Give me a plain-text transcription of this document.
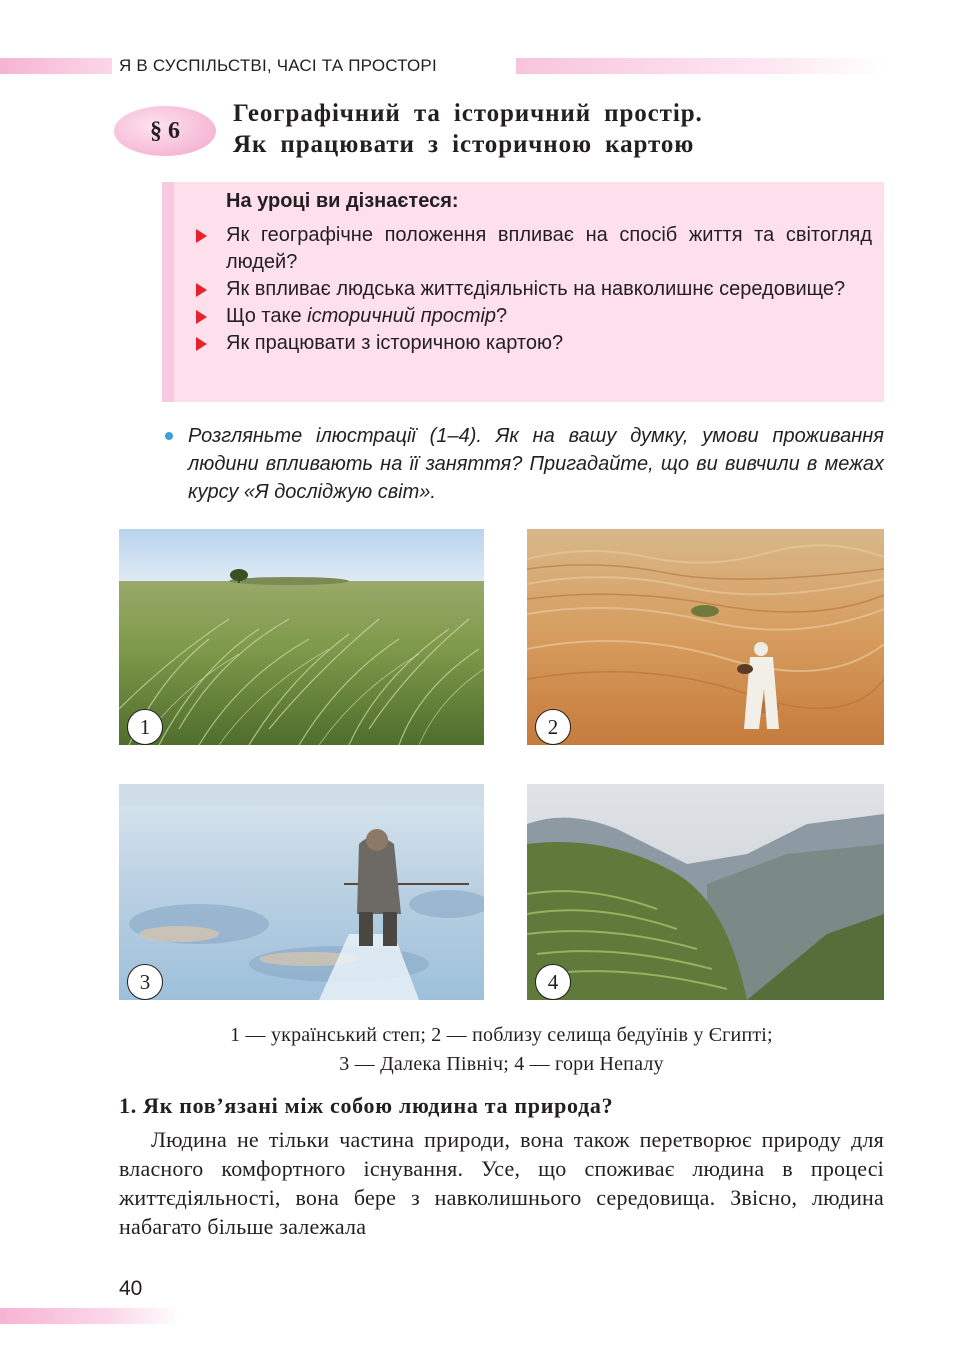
Я В СУСПІЛЬСТВІ, ЧАСІ ТА ПРОСТОРІ
§ 6
Географічний та історичний простір.
Як працювати з історичною картою
На уроці ви дізнаєтеся:
Як географічне положення впливає на спосіб життя та світогляд людей?
Як впливає людська життєдіяльність на навколишнє середовище?
Що таке історичний простір?
Як працювати з історичною картою?
Розгляньте ілюстрації (1–4). Як на вашу думку, умови проживання людини впливають на її заняття? Пригадайте, що ви вивчили в межах курсу «Я досліджую світ».
1	2
3	4
1 — український степ; 2 — поблизу селища бедуїнів у Єгипті;
3 — Далека Північ; 4 — гори Непалу
1. Як пов’язані між собою людина та природа?
Людина не тільки частина природи, вона також перетворює природу для власного комфортного існування. Усе, що споживає людина в процесі життєдіяльності, вона бере з навколишнього середовища. Звісно, людина набагато більше залежала
40
